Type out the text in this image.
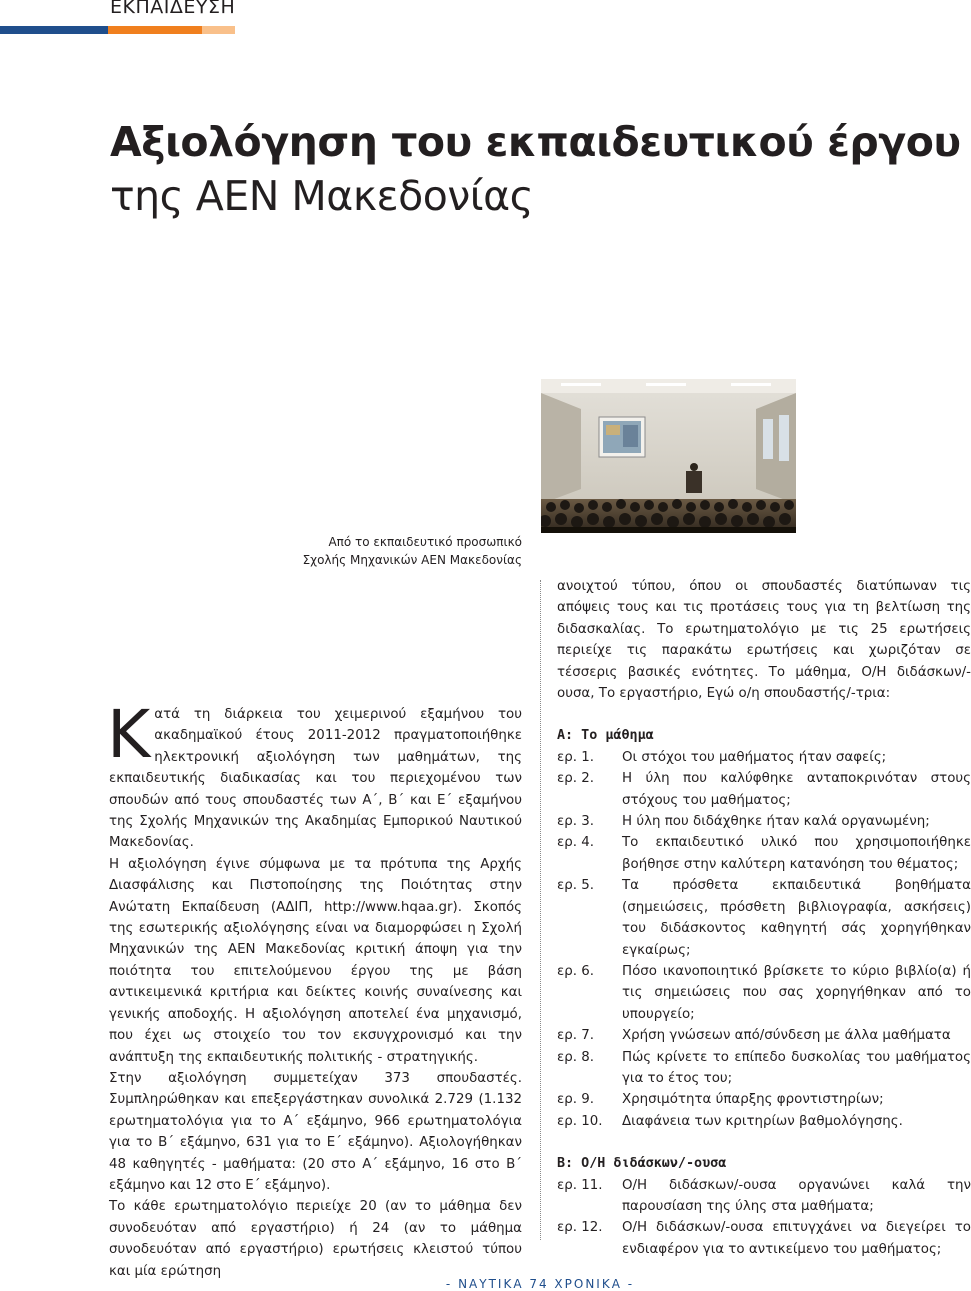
ΕΚΠΑΙΔΕΥΣΗ
Αξιολόγηση του εκπαιδευτικού έργου
της ΑΕΝ Μακεδονίας
Από το εκπαιδευτικό προσωπικό
Σχολής Μηχανικών ΑΕΝ Μακεδονίας

Κατά τη διάρκεια του χειμερινού εξαμήνου του ακαδημαϊκού έτους 2011-2012 πραγματοποιήθηκε ηλεκτρονική αξιολόγηση των μαθημάτων, της εκπαιδευτικής διαδικασίας και του περιεχομένου των σπουδών από τους σπουδαστές των Α΄, Β΄ και Ε΄ εξαμήνου της Σχολής Μηχανικών της Ακαδημίας Εμπορικού Ναυτικού Μακεδονίας.

Η αξιολόγηση έγινε σύμφωνα με τα πρότυπα της Αρχής Διασφάλισης και Πιστοποίησης της Ποιότητας στην Ανώτατη Εκπαίδευση (ΑΔΙΠ, http://www.hqaa.gr). Σκοπός της εσωτερικής αξιολόγησης είναι να διαμορφώσει η Σχολή Μηχανικών της ΑΕΝ Μακεδονίας κριτική άποψη για την ποιότητα του επιτελούμενου έργου της με βάση αντικειμενικά κριτήρια και δείκτες κοινής συναίνεσης και γενικής αποδοχής. Η αξιολόγηση αποτελεί ένα μηχανισμό, που έχει ως στοιχείο του τον εκσυγχρονισμό και την ανάπτυξη της εκπαιδευτικής πολιτικής - στρατηγικής.

Στην αξιολόγηση συμμετείχαν 373 σπουδαστές. Συμπληρώθηκαν και επεξεργάστηκαν συνολικά 2.729 (1.132 ερωτηματολόγια για το Α΄ εξάμηνο, 966 ερωτηματολόγια για το Β΄ εξάμηνο, 631 για το Ε΄ εξάμηνο). Αξιολογήθηκαν 48 καθηγητές - μαθήματα: (20 στο Α΄ εξάμηνο, 16 στο Β΄ εξάμηνο και 12 στο Ε΄ εξάμηνο).

Το κάθε ερωτηματολόγιο περιείχε 20 (αν το μάθημα δεν συνοδευόταν από εργαστήριο) ή 24 (αν το μάθημα συνοδευόταν από εργαστήριο) ερωτήσεις κλειστού τύπου και μία ερώτηση

ανοιχτού τύπου, όπου οι σπουδαστές διατύπωναν τις απόψεις τους και τις προτάσεις τους για τη βελτίωση της διδασκαλίας. Το ερωτηματολόγιο με τις 25 ερωτήσεις περιείχε τις παρακάτω ερωτήσεις και χωριζόταν σε τέσσερις βασικές ενότητες. Το μάθημα, Ο/Η διδάσκων/-ουσα, Το εργαστήριο, Εγώ ο/η σπουδαστής/-τρια:

Α: Το μάθημα

ερ. 1.	Οι στόχοι του μαθήματος ήταν σαφείς;
ερ. 2.	Η ύλη που καλύφθηκε ανταποκρινόταν στους στόχους του μαθήματος;
ερ. 3.	Η ύλη που διδάχθηκε ήταν καλά οργανωμένη;
ερ. 4.	Το εκπαιδευτικό υλικό που χρησιμοποιήθηκε βοήθησε στην καλύτερη κατανόηση του θέματος;
ερ. 5.	Τα πρόσθετα εκπαιδευτικά βοηθήματα (σημειώσεις, πρόσθετη βιβλιογραφία, ασκήσεις) του διδάσκοντος καθηγητή σάς χορηγήθηκαν εγκαίρως;
ερ. 6.	Πόσο ικανοποιητικό βρίσκετε το κύριο βιβλίο(α) ή τις σημειώσεις που σας χορηγήθηκαν από το υπουργείο;
ερ. 7.	Χρήση γνώσεων από/σύνδεση με άλλα μαθήματα
ερ. 8.	Πώς κρίνετε το επίπεδο δυσκολίας του μαθήματος για το έτος του;
ερ. 9.	Χρησιμότητα ύπαρξης φροντιστηρίων;
ερ. 10.	Διαφάνεια των κριτηρίων βαθμολόγησης.

Β: Ο/Η διδάσκων/-ουσα

ερ. 11.	Ο/Η διδάσκων/-ουσα οργανώνει καλά την παρουσίαση της ύλης στα μαθήματα;
ερ. 12.	Ο/Η διδάσκων/-ουσα επιτυγχάνει να διεγείρει το ενδιαφέρον για το αντικείμενο του μαθήματος;
- ΝΑΥΤΙΚΑ 74 ΧΡΟΝΙΚΑ -
